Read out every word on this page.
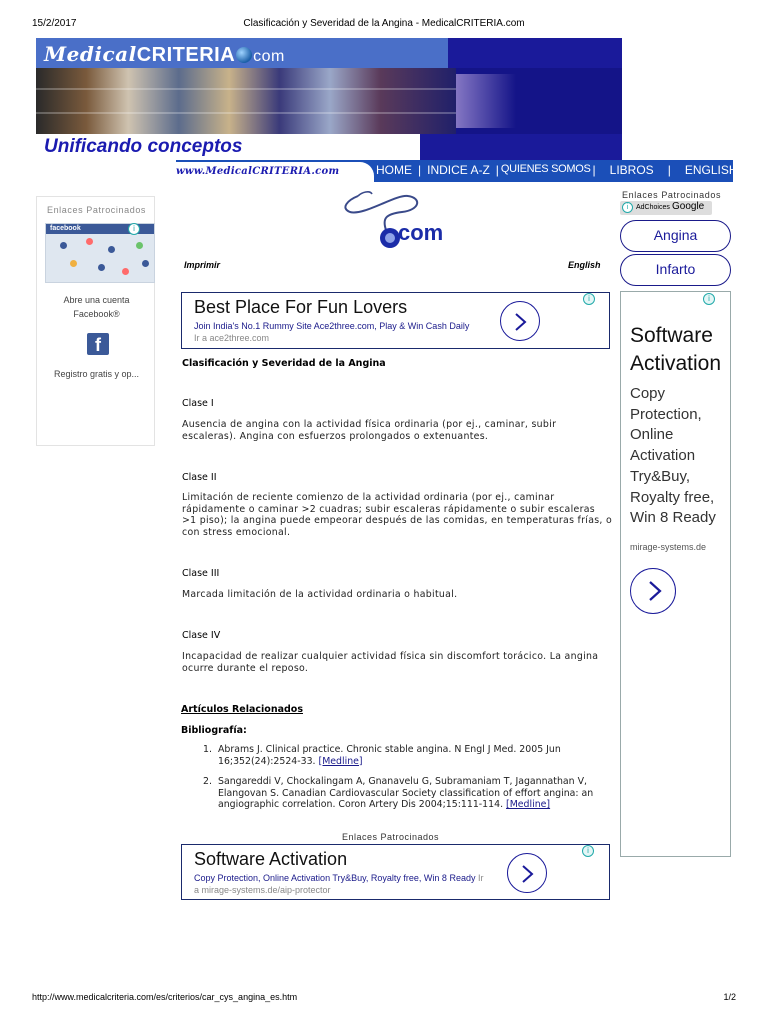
15/2/2017	Clasificación y Severidad de la Angina - MedicalCRITERIA.com
MedicalCRITERIA com
Unificando conceptos
HOME | INDICE A-Z | QUIENES SOMOS | LIBROS | ENGLISH
www.MedicalCRITERIA.com
Enlaces Patrocinados
facebook	i
Abre una cuenta
Facebook®
f
Registro gratis y op...
com
Imprimir	English
Best Place For Fun Lovers
Join India's No.1 Rummy Site Ace2three.com, Play & Win Cash Daily
Ir a ace2three.com
i
Clasificación y Severidad de la Angina
Clase I
Ausencia de angina con la actividad física ordinaria (por ej., caminar, subir escaleras). Angina con esfuerzos prolongados o extenuantes.
Clase II
Limitación de reciente comienzo de la actividad ordinaria (por ej., caminar rápidamente o caminar >2 cuadras; subir escaleras rápidamente o subir escaleras >1 piso); la angina puede empeorar después de las comidas, en temperaturas frías, o con stress emocional.
Clase III
Marcada limitación de la actividad ordinaria o habitual.
Clase IV
Incapacidad de realizar cualquier actividad física sin discomfort torácico. La angina ocurre durante el reposo.
Artículos Relacionados
Bibliografía:
1. Abrams J. Clinical practice. Chronic stable angina. N Engl J Med. 2005 Jun 16;352(24):2524-33. [Medline]
2. Sangareddi V, Chockalingam A, Gnanavelu G, Subramaniam T, Jagannathan V, Elangovan S. Canadian Cardiovascular Society classification of effort angina: an angiographic correlation. Coron Artery Dis 2004;15:111-114. [Medline]
Enlaces Patrocinados
Software Activation
Copy Protection, Online Activation Try&Buy, Royalty free, Win 8 Ready Ir a mirage-systems.de/aip-protector
i
Enlaces Patrocinados
i	AdChoices Google
Angina
Infarto
i
Software
Activation
Copy Protection, Online Activation Try&Buy, Royalty free, Win 8 Ready
mirage-systems.de
http://www.medicalcriteria.com/es/criterios/car_cys_angina_es.htm	1/2
